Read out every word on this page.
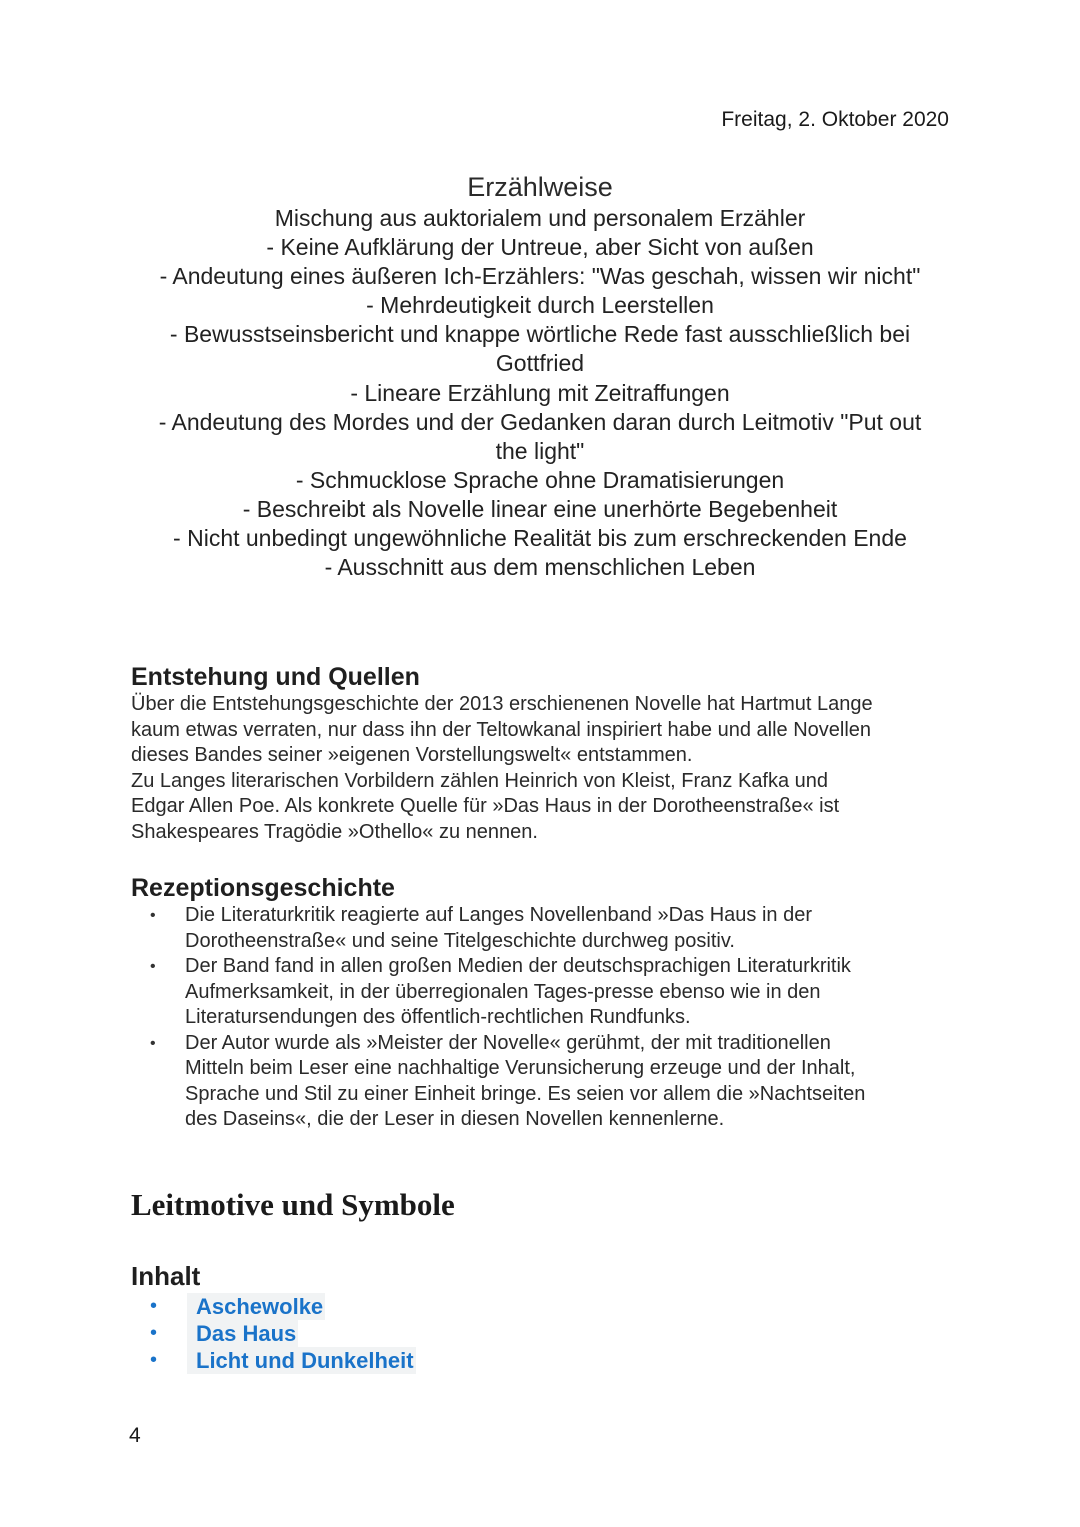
Freitag, 2. Oktober 2020
Erzählweise
Mischung aus auktorialem und personalem Erzähler
- Keine Aufklärung der Untreue, aber Sicht von außen
- Andeutung eines äußeren Ich-Erzählers: "Was geschah, wissen wir nicht"
- Mehrdeutigkeit durch Leerstellen
- Bewusstseinsbericht und knappe wörtliche Rede fast ausschließlich bei
Gottfried
- Lineare Erzählung mit Zeitraffungen
- Andeutung des Mordes und der Gedanken daran durch Leitmotiv "Put out
the light"
- Schmucklose Sprache ohne Dramatisierungen
- Beschreibt als Novelle linear eine unerhörte Begebenheit
- Nicht unbedingt ungewöhnliche Realität bis zum erschreckenden Ende
- Ausschnitt aus dem menschlichen Leben
Entstehung und Quellen
Über die Entstehungsgeschichte der 2013 erschienenen Novelle hat Hartmut Lange
kaum etwas verraten, nur dass ihn der Teltowkanal inspiriert habe und alle Novellen
dieses Bandes seiner »eigenen Vorstellungswelt« entstammen.
Zu Langes literarischen Vorbildern zählen Heinrich von Kleist, Franz Kafka und
Edgar Allen Poe. Als konkrete Quelle für »Das Haus in der Dorotheenstraße« ist
Shakespeares Tragödie »Othello« zu nennen.
Rezeptionsgeschichte
• Die Literaturkritik reagierte auf Langes Novellenband »Das Haus in der
Dorotheenstraße« und seine Titelgeschichte durchweg positiv.
• Der Band fand in allen großen Medien der deutschsprachigen Literaturkritik
Aufmerksamkeit, in der überregionalen Tages-presse ebenso wie in den
Literatursendungen des öffentlich-rechtlichen Rundfunks.
• Der Autor wurde als »Meister der Novelle« gerühmt, der mit traditionellen
Mitteln beim Leser eine nachhaltige Verunsicherung erzeuge und der Inhalt,
Sprache und Stil zu einer Einheit bringe. Es seien vor allem die »Nachtseiten
des Daseins«, die der Leser in diesen Novellen kennenlerne.
Leitmotive und Symbole
Inhalt
• Aschewolke
• Das Haus
• Licht und Dunkelheit
4
